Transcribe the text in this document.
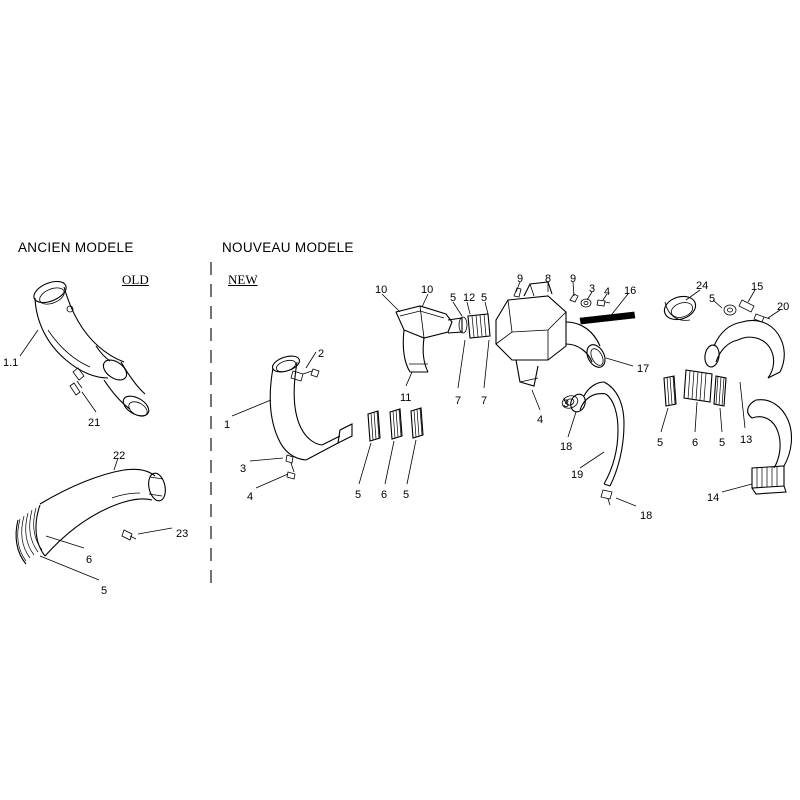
ANCIEN MODELE	NOUVEAU MODELE
OLD	NEW
1.1
21
22
23
6
5
1
2
3
4	5 6 5
10	10
5 12 5
9 8 9
3 4 16
11	7 7
17
4
3
18
19
18
24	15
5
20
5	6 5 13
14
